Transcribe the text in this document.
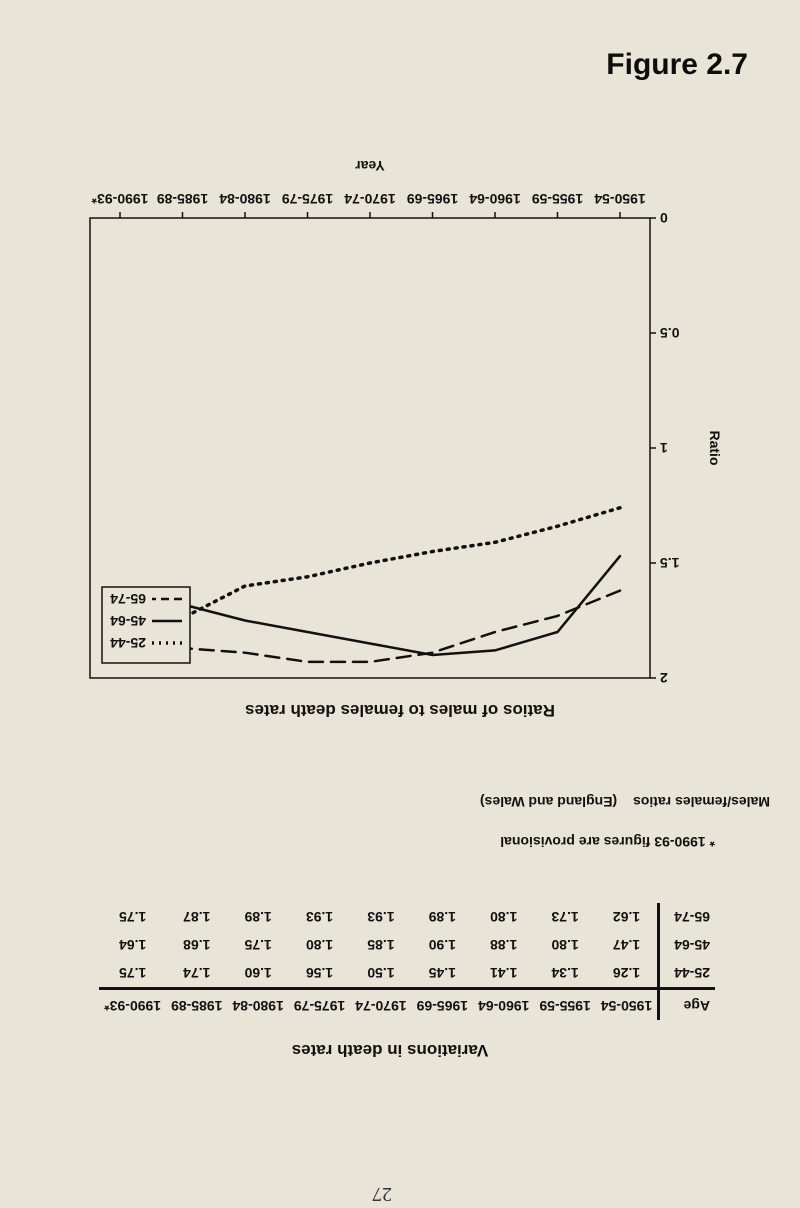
Figure 2.7
Ratios of males to females death rates
0
0.5
1
1.5
2
1950-54
1955-59
1960-64
1965-69
1970-74
1975-79
1980-84
1985-89
1990-93*
Ratio
Year
25-44
45-64
65-74
Variations in death rates
Age	1950-54	1955-59	1960-64	1965-69	1970-74	1975-79	1980-84	1985-89	1990-93*
25-44	1.26	1.34	1.41	1.45	1.50	1.56	1.60	1.74	1.75
45-64	1.47	1.80	1.88	1.90	1.85	1.80	1.75	1.68	1.64
65-74	1.62	1.73	1.80	1.89	1.93	1.93	1.89	1.87	1.75
* 1990-93 figures are provisional
Males/females ratios (England and Wales)
27
